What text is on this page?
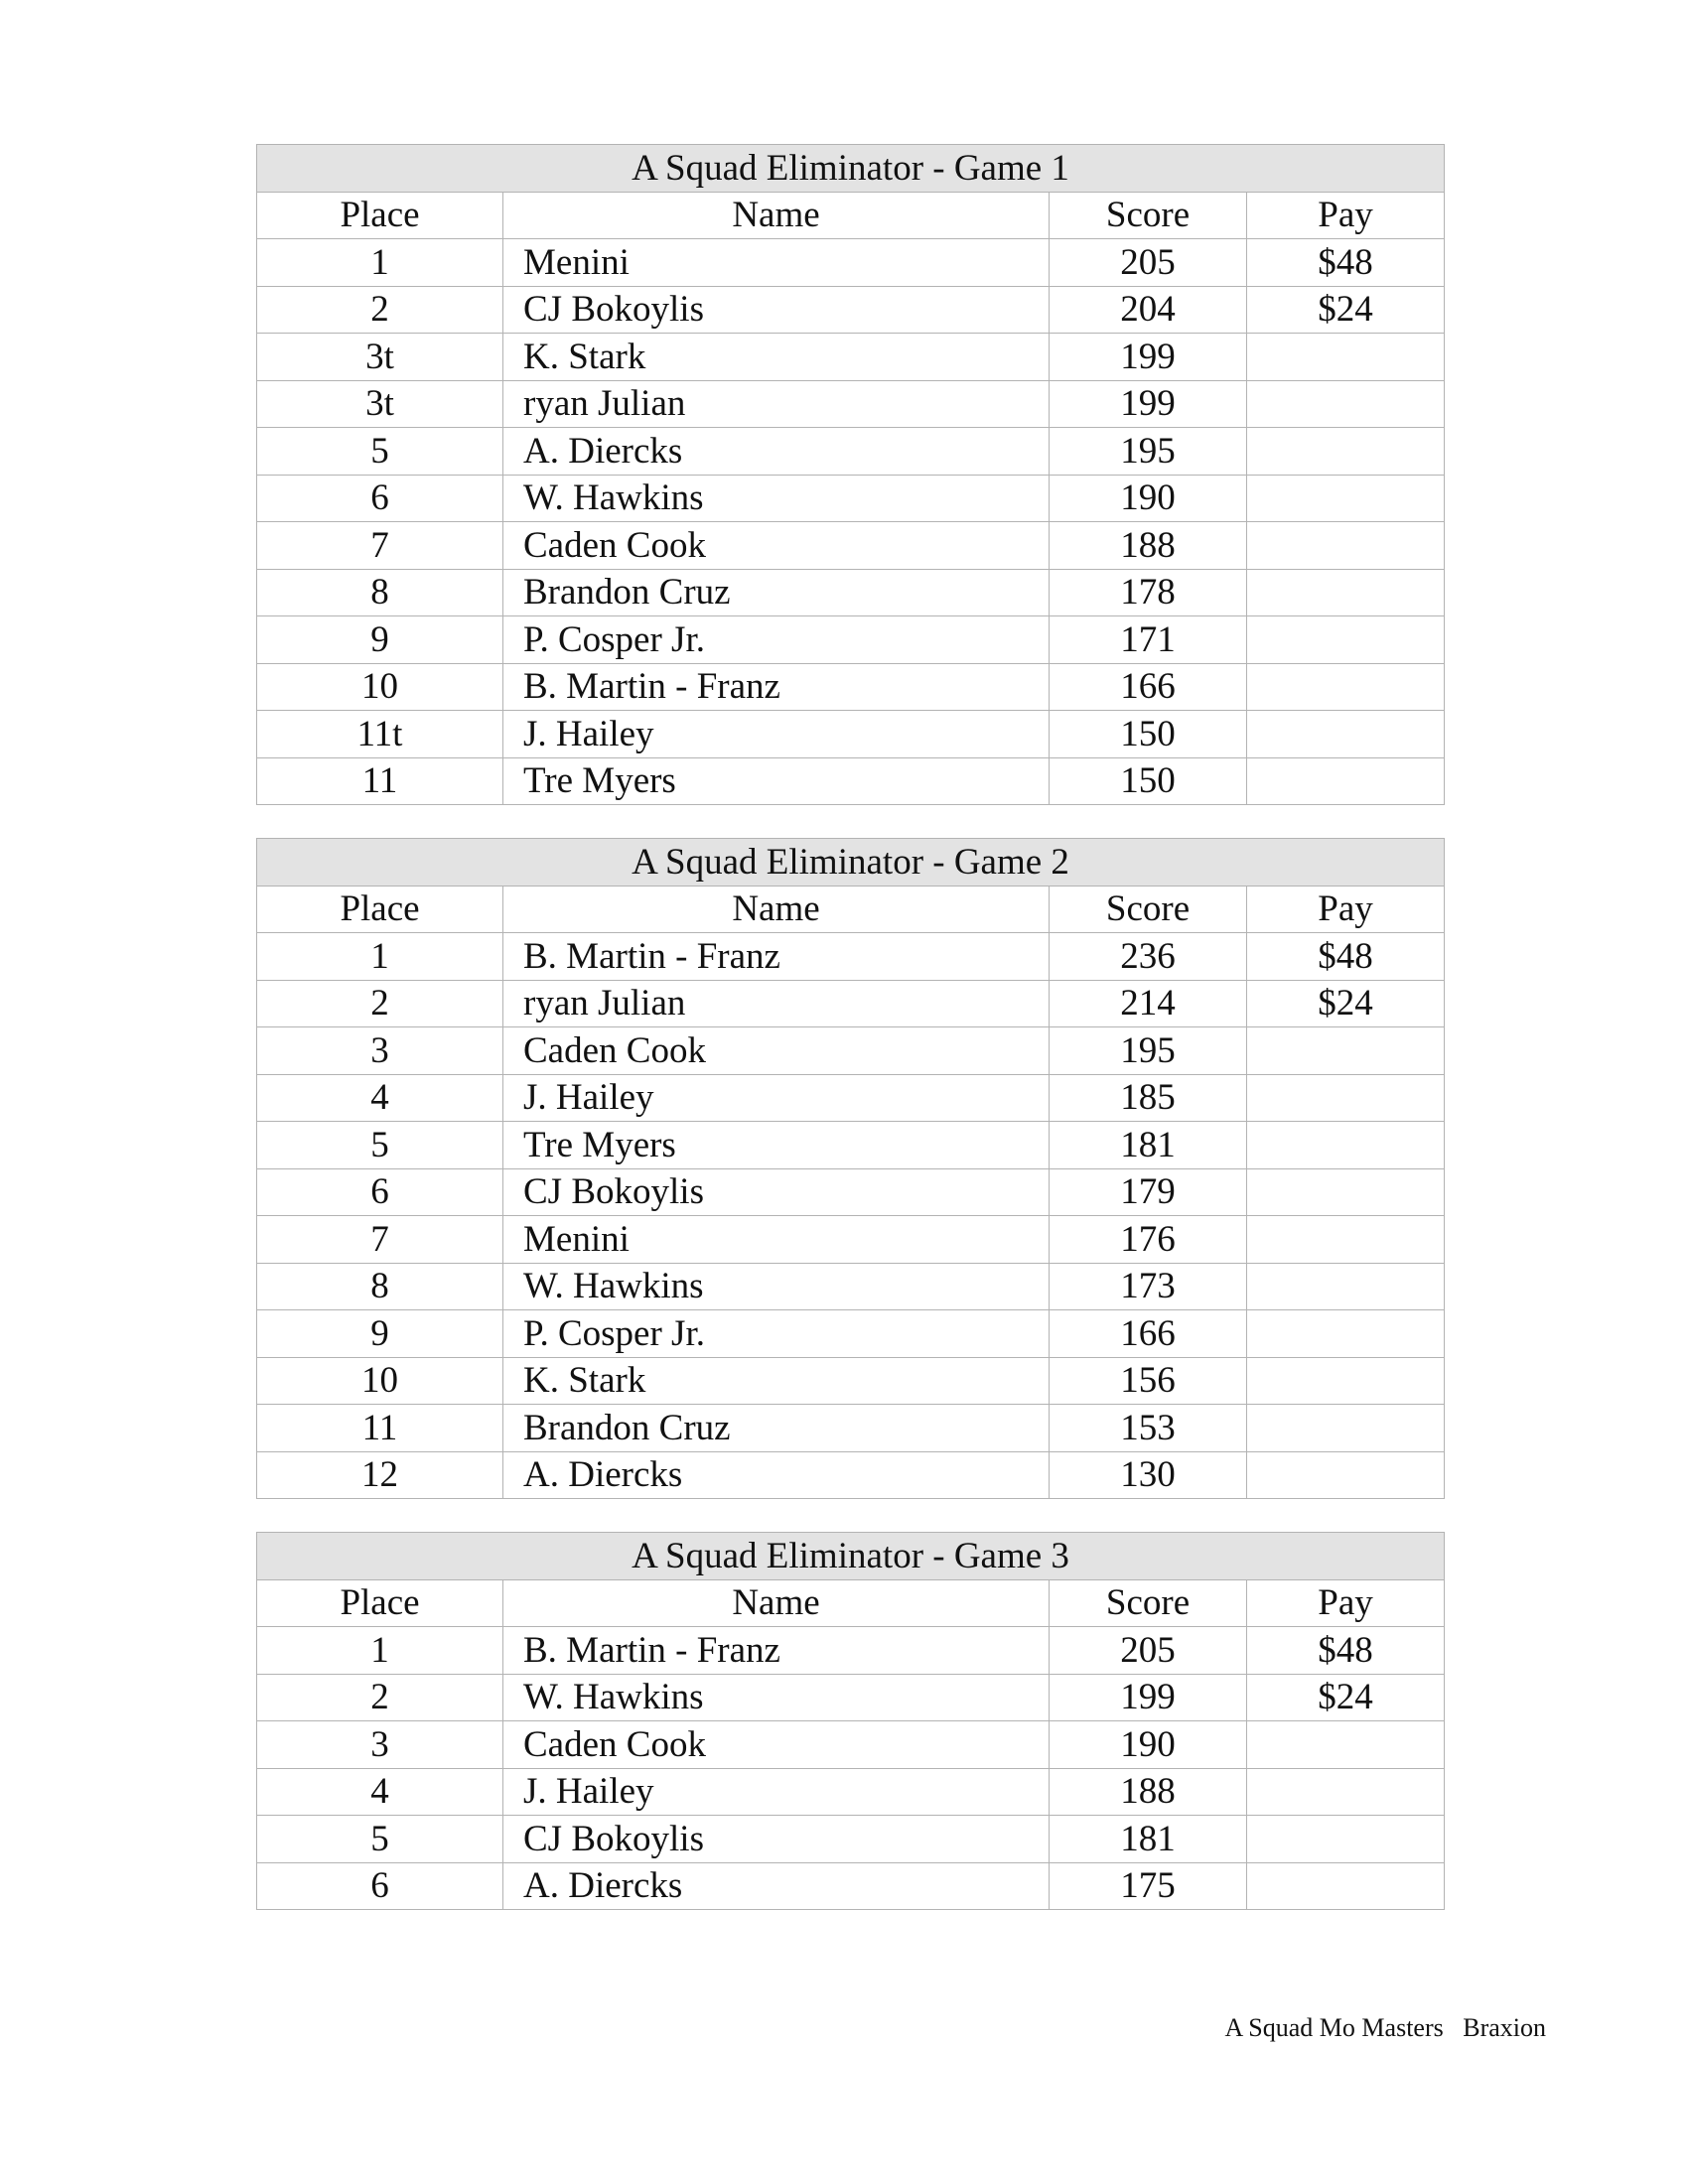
A Squad Eliminator - Game 1			
Place	Name	Score	Pay
1	Menini	205	$48
2	CJ Bokoylis	204	$24
3t	K. Stark	199	
3t	ryan Julian	199	
5	A. Diercks	195	
6	W. Hawkins	190	
7	Caden Cook	188	
8	Brandon Cruz	178	
9	P. Cosper Jr.	171	
10	B. Martin - Franz	166	
11t	J. Hailey	150	
11	Tre Myers	150	
A Squad Eliminator - Game 2			
Place	Name	Score	Pay
1	B. Martin - Franz	236	$48
2	ryan Julian	214	$24
3	Caden Cook	195	
4	J. Hailey	185	
5	Tre Myers	181	
6	CJ Bokoylis	179	
7	Menini	176	
8	W. Hawkins	173	
9	P. Cosper Jr.	166	
10	K. Stark	156	
11	Brandon Cruz	153	
12	A. Diercks	130	
A Squad Eliminator - Game 3			
Place	Name	Score	Pay
1	B. Martin - Franz	205	$48
2	W. Hawkins	199	$24
3	Caden Cook	190	
4	J. Hailey	188	
5	CJ Bokoylis	181	
6	A. Diercks	175	
A Squad Mo Masters Braxion
